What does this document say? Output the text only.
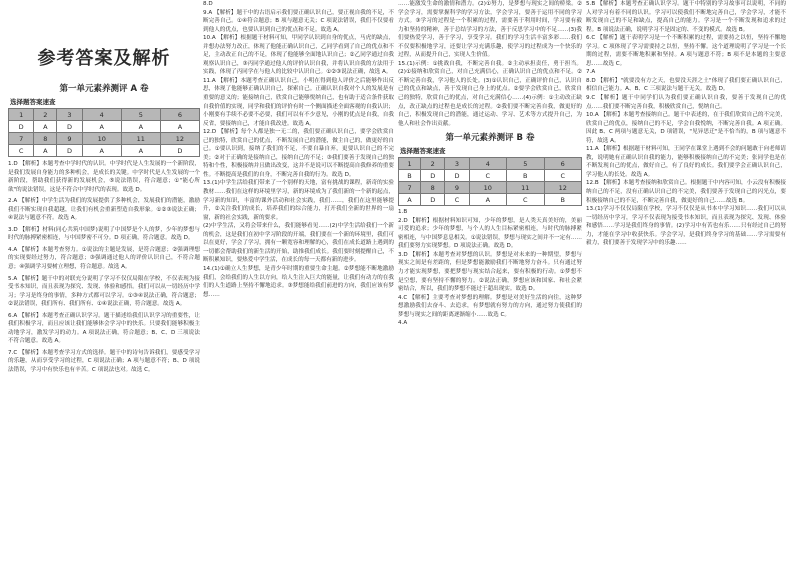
参考答案及解析
第一单元素养测评 A 卷
选择题答案速查
1	2	3	4	5	6
D	A	D	A	A	A
7	8	9	10	11	12
C	A	D	A	A	D

1.D 【解析】本题考查中学时代的认识。中学时代是人生发展的一个新阶段，是我们发展自身能力的多种机会，是成长的关键。中学时代是人生发展的一个新阶段，帮助我们获得新的发展机会，⑤说法错误，符合题意；①"能心所欲"的说法错误，这是不符合中学时代的表现。故选 D。

2.A 【解析】中学生活为我们的发展提供了多种机会，发展我们的潜能，激励我们不断实现自我超越，让我们有机会重新塑造自我形象。①②③说法正确；④说法与题意不符。故选 A。

3.D 【解析】材料(同心共筑中国梦)说明了中国梦是个人的梦，少年的梦想与时代的脉搏紧密相连，与中国梦密不可分。D 项正确，符合题意。故选 D。

4.A 【解析】本题考查努力。①说法的主题是发展，是符合题意；②强调理想的实现要经过努力，符合题意；③强调通过他人的评价认识自己，不符合题意；④强调学习要树立理想，符合题意。故选 A。

5.A 【解析】题干中的对联充分说明了学习不仅仅局限在学校，不仅表现为接受书本知识，而且表现为探究、发现、体验和感悟。我们可以从一切经历中学习；学习是终身的事情，多种方式都可以学习。①③④说法正确，符合题意；②说法错误，我们所有、我们所有、①④说法正确，符合题意。故选 A。

6.A 【解析】本题考查正确认识学习。题干描述给我们认识学习的重要性，让我们积极学习，而且应该让我们能够体会学习中的快乐。只要我们能够积极主动地学习，激发学习的动力。A 项说法正确，符合题意；B、C、D 三项说法不符合题意。故选 A。

7.C 【解析】本题考查学习方式的选择。题干中的诗句告诉我们，要感受学习的乐趣，从而享受学习的过程，C 项说法正确；A 项与题意不符；B、D 项说法错误，学习中有快乐也有辛苦。C 项说法也对。故选 C。

8.D

9.A 【解析】题干中的古语启示我们要正确认识自己，要正视自我的不足，不断完善自己。①④符合题意；B 项与题意无关；C 项说法错误，我们不仅要看到他人的优点，也要认识到自己的优点和不足。故选 A。

10.A 【解析】根据题干材料可知，甲同学认识到自身的优点，马虎的缺点，并想办法努力改正，体现了他能正确认识自己，乙同学看到了自己的优点和不足，主动改正自己的不足，体现了他能够全面地认识自己；②乙同学通过自我观察认识自己，③丙同学通过他人的评价认识自我，并将认识自我的方法用于实践，体现了丙同学在与他人的比较中认识自己。①②③说法正确，故选 A。

11.A 【解析】本题考查正确认识自己。小明在得到他人评价之后能够作出反思，体现了他能够正确认识自己，探索自己。正确认识自我对个人的发展是有重要的意义的；能接纳自己，欣赏自己能够悦纳自己，也有助于适合条件获取自我价值的实现，同学和我们的评价有时一个侧面描述全面客观的自我认识；小刚要有手续不必要不必要，我们可以有不少意见，小刚的优点是自我，自我反省，要接纳自己，才能自我改进。故选 A。

12.D 【解析】每个人都是独一无二的，我们要正确认识自己，要学会欣赏自己的独特，欣赏自己的优点，不断发展自己的潜能，做主自己的，做更好的自己。①要认识到，接纳了我们的不足，不要自暴自弃，更要认识自己的不完美；②对于正确的是接纳自己，接纳自己的不足；③我们要善于发现自己的独特和个性，积极接纳并且做出改变，这并不是说可以不断提高自我修养的重要性。不断提高是我们的自身，不断完善自我的行为。故选 D。

13.(1)中学生活给我们带来了一个别样的天地，富有挑战的课程，新奇的实验教材……我们在这样的环境里学习，新的环境成为了我们新的一个新的起点，学习新的知识，丰富的课外活动和社会实践，我们……，我们在这里能够提升，②关注我们的成长，培养我们的综合能力，打开我们全新的世界的一扇窗，新的社会实践，新的要求。

(2)中学生活，又将会带来什么，我们能够看见……(2)中学生活给我们一个新的机会，这是我们在初中学习阶段的开端，我们要在一个新的环境里，我们可以在更好，学会了学习，拥有一颗宽容和理解的心，我们在成长道路上遇到的一切都会帮助我们的新生活的开始，助推我们成长。我们要时刻提醒自己，不断积累知识，要热爱中学生活，在成长的每一天都有新的进步。

14.(1)①确立人生梦想，是青少年时期的重要生命主题。②梦想能不断地激励我们，会给我们的人生以方向，给人生注入巨大的能量，让我们有动力的在我们的人生道路上坚持不懈地追求。③梦想能给我们前进的方向，我们应该有梦想……

……能激发生命的激情和潜力。(2)①努力，是梦想与现实之间的桥梁。②学会学习，需要掌握科学的学习方法，学会学习，要善于运用不同的学习方式。③学习的过程是一个积累的过程，需要善于利用时间，学习要有毅力和坚持的精神，善于总结学习的方法，善于反思学习中的不足……(3)我们要热爱学习，善于学习，享受学习。我们的学习生活丰富多彩……我们不仅要积极地学习，还要让学习充满乐趣，使学习的过程成为一个快乐的过程，从而提升自己，实现人生价值。

15.(1)示例：①挑战自我，不断完善自我。②主动承担责任，勇于担当。(2)①接纳和欣赏自己，对自己充满信心，正确认识自己的优点和不足。②不断完善自我，学习他人的长处。(3)①认识自己，正确评价自己，认识自己的优点和缺点，善于发现自己身上的优点。②要学会欣赏自己，欣赏自己的独特，欣赏自己的优点，对自己充满信心……(4)示例：①主动改正缺点，改正缺点的过程也是成长的过程。②我们要不断完善自我，做更好的自己，积极发现自己的潜能，通过运动、学习、艺术等方式提升自己，为他人和社会作出贡献。

第一单元素养测评 B 卷
选择题答案速查
1	2	3	4	5	6
B	D	D	C	B	C
7	8	9	10	11	12
A	D	C	A	C	B

1.B

2.D 【解析】根据材料知识可知，少年的梦想，是人类天真美好的，美丽可爱的追求；少年的梦想，与个人的人生目标紧密相连，与时代的脉搏紧密相连，与中国梦息息相关。①说法错误，梦想与现实之间并不一定有……我们要努力实现梦想。D 项说法正确。故选 D。

3.D 【解析】本题考查对梦想的认识。梦想是对未来的一种期望，梦想与现实之间是有差距的，但是梦想能激励我们不断地努力奋斗。只有通过努力才能实现梦想，要把梦想与现实结合起来，要有积极的行动。①梦想不是空想，要有坚持不懈的努力。②说法正确，梦想应该和国家、和社会紧密结合，所以，我们的梦想不能过于超出现实。故选 D。

4.C 【解析】主要考查对梦想的理解。梦想是对美好生活的向往，这种梦想激励我们去奋斗、去追求，有梦想就有努力的方向，通过努力使我们的梦想与现实之间的距离逐渐缩小……故选 C。

4.A

5.B 【解析】本题考查正确认识学习。题干中特别的学习故事可以说明，不同的人对学习有着不同的认识。学习可以使我们不断地完善自己，学会学习，才能不断发现自己的不足和缺点，提高自己的能力。学习是一个不断发现和追求的过程。B 项说法正确，说明学习不是固定的、不变的模式。故选 B。

6.C 【解析】题干表明学习是一个不断积累的过程，需要持之以恒，坚持不懈地学习。C 项体现了学习需要持之以恒，坚持不懈。这个道理说明了学习是一个长期的过程，需要不断地积累和坚持。A 项与题意不符；B 项不是本题的主要意思……故选 C。

7.A

8.D 【解析】"就要没有方之天，也要没天涯之土"体现了我们要正确认识自己，相信自己能力。A、B、C 三项说法与题干无关。故选 D。

9.C 【解析】题干中同学们认为我们要正确认识自我，要善于发现自己的优点……我们要不断完善自我，积极欣赏自己，悦纳自己。

10.A 【解析】本题考查接纳自己。题干中表述的，在于我们欣赏自己的不完美，欣赏自己的优点，接纳自己的不足，学会自我悦纳，不断完善自我。A 项正确。因此 B、C 两项与题意无关，D 项错误，"见异思迁"是不恰当的，B 项与题意不符，故选 A。

11.A 【解析】根据题干材料可知，王同学在课堂上遇到不会的问题敢于向老师请教，说明她有正确认识自我的能力，能够积极接纳自己的不完美；张同学也是在不断发现自己的优点，做好自己，有了良好的成长。我们要学会正确认识自己，学习他人的长处。故选 A。

12.B 【解析】本题考查接纳和欣赏自己。根据题干中内容可知，小云没有积极接纳自己的不足，没有正确认识自己的不完美，我们要善于发现自己的闪光点，要积极接纳自己的不足，不断完善自我，做更好的自己……故选 B。

13.(1)学习不仅仅局限在学校，学习不仅仅是从书本中学习知识……我们可以从一切经历中学习，学习不仅表现为接受书本知识，而且表现为探究、发现、体验和感悟……学习是我们终身的事情。(2)学习中有苦也有乐……只有经过自己的努力，才能在学习中收获快乐。学会学习，是我们终身学习的基础……学习需要有毅力，我们要善于发现学习中的乐趣……
